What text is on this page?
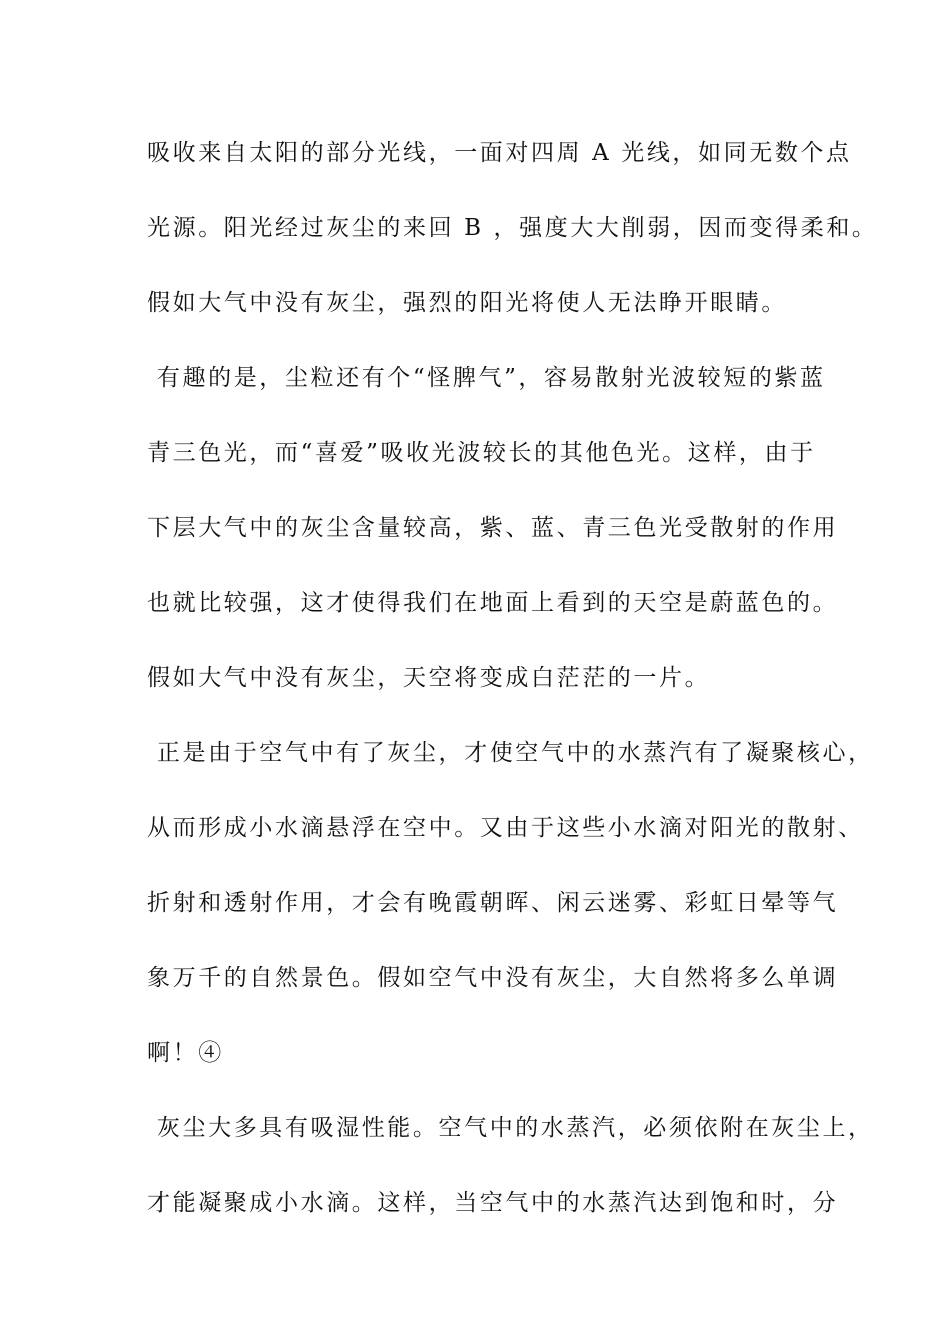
吸收来自太阳的部分光线，一面对四周 A 光线，如同无数个点
光源。阳光经过灰尘的来回 B ，强度大大削弱，因而变得柔和。
假如大气中没有灰尘，强烈的阳光将使人无法睁开眼睛。
有趣的是，尘粒还有个“怪脾气”，容易散射光波较短的紫蓝
青三色光，而“喜爱”吸收光波较长的其他色光。这样，由于
下层大气中的灰尘含量较高，紫、蓝、青三色光受散射的作用
也就比较强，这才使得我们在地面上看到的天空是蔚蓝色的。
假如大气中没有灰尘，天空将变成白茫茫的一片。
正是由于空气中有了灰尘，才使空气中的水蒸汽有了凝聚核心，
从而形成小水滴悬浮在空中。又由于这些小水滴对阳光的散射、
折射和透射作用，才会有晚霞朝晖、闲云迷雾、彩虹日晕等气
象万千的自然景色。假如空气中没有灰尘，大自然将多么单调
啊！④
灰尘大多具有吸湿性能。空气中的水蒸汽，必须依附在灰尘上，
才能凝聚成小水滴。这样，当空气中的水蒸汽达到饱和时，分
